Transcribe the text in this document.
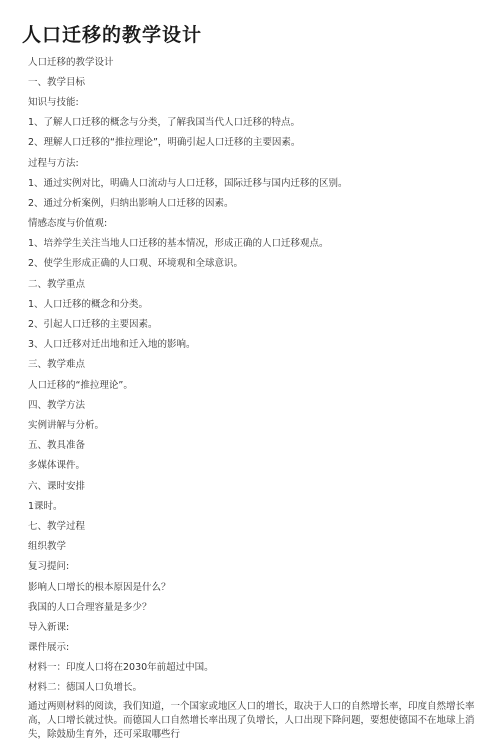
人口迁移的教学设计
人口迁移的教学设计
一、教学目标
知识与技能:
1、了解人口迁移的概念与分类，了解我国当代人口迁移的特点。
2、理解人口迁移的“推拉理论”，明确引起人口迁移的主要因素。
过程与方法:
1、通过实例对比，明确人口流动与人口迁移，国际迁移与国内迁移的区别。
2、通过分析案例，归纳出影响人口迁移的因素。
情感态度与价值观:
1、培养学生关注当地人口迁移的基本情况，形成正确的人口迁移观点。
2、使学生形成正确的人口观、环境观和全球意识。
二、教学重点
1、人口迁移的概念和分类。
2、引起人口迁移的主要因素。
3、人口迁移对迁出地和迁入地的影响。
三、教学难点
人口迁移的“推拉理论”。
四、教学方法
实例讲解与分析。
五、教具准备
多媒体课件。
六、课时安排
1课时。
七、教学过程
组织教学
复习提问:
影响人口增长的根本原因是什么？
我国的人口合理容量是多少？
导入新课:
课件展示:
材料一：印度人口将在2030年前超过中国。
材料二：德国人口负增长。
通过两则材料的阅读，我们知道，一个国家或地区人口的增长，取决于人口的自然增长率，印度自然增长率高，人口增长就过快。而德国人口自然增长率出现了负增长，人口出现下降问题，要想使德国不在地球上消失，除鼓励生育外，还可采取哪些行
